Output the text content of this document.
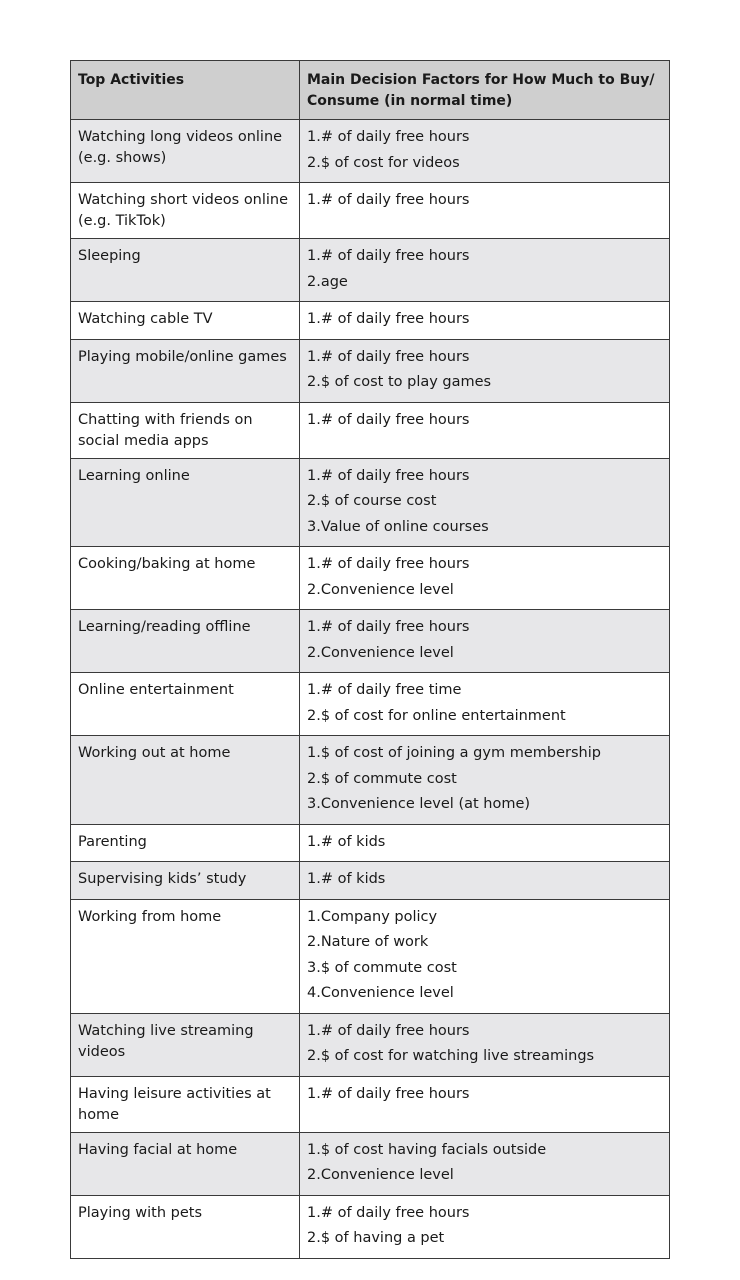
Top Activities	Main Decision Factors for How Much to Buy/ Consume (in normal time)
Watching long videos online (e.g. shows)	1.# of daily free hours
2.$ of cost for videos

Watching short videos online (e.g. TikTok)	1.# of daily free hours

Sleeping	1.# of daily free hours
2.age

Watching cable TV	1.# of daily free hours

Playing mobile/online games	1.# of daily free hours
2.$ of cost to play games

Chatting with friends on social media apps	1.# of daily free hours

Learning online	1.# of daily free hours
2.$ of course cost
3.Value of online courses

Cooking/baking at home	1.# of daily free hours
2.Convenience level

Learning/reading offline	1.# of daily free hours
2.Convenience level

Online entertainment	1.# of daily free time
2.$ of cost for online entertainment

Working out at home	1.$ of cost of joining a gym membership
2.$ of commute cost
3.Convenience level (at home)

Parenting	1.# of kids

Supervising kids’ study	1.# of kids

Working from home	1.Company policy
2.Nature of work
3.$ of commute cost
4.Convenience level

Watching live streaming videos	1.# of daily free hours
2.$ of cost for watching live streamings

Having leisure activities at home	1.# of daily free hours

Having facial at home	1.$ of cost having facials outside
2.Convenience level

Playing with pets	1.# of daily free hours
2.$ of having a pet
